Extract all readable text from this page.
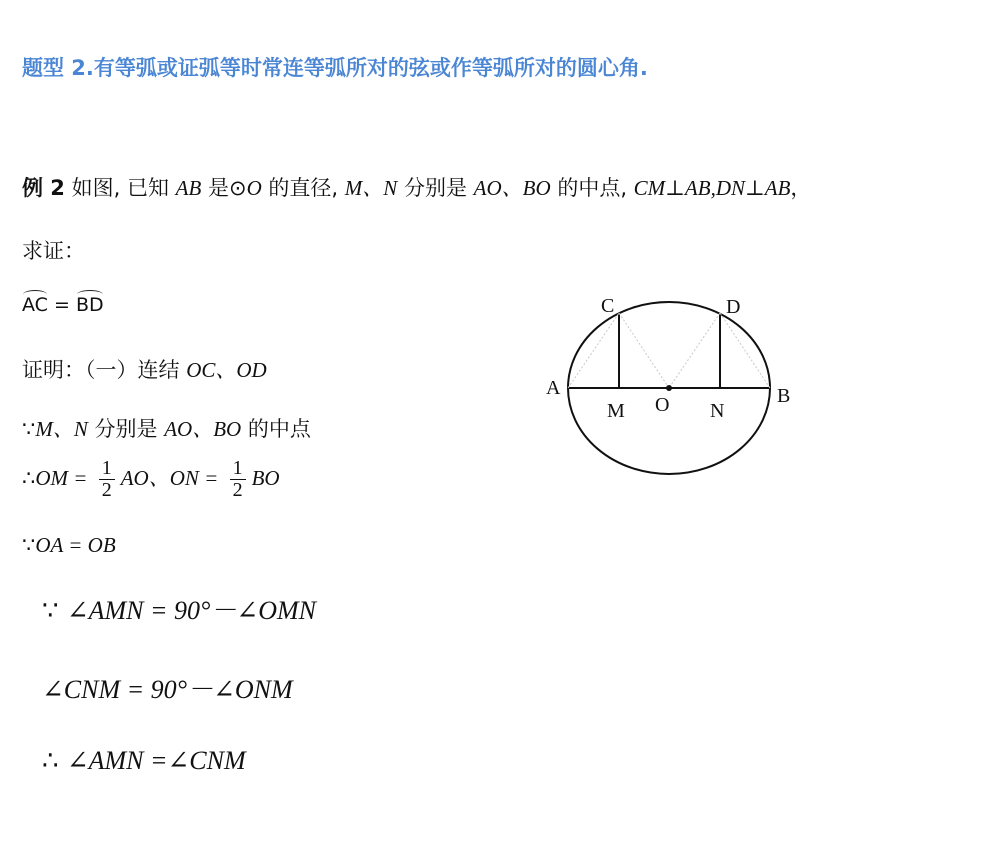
题型 2.有等弧或证弧等时常连等弧所对的弦或作等弧所对的圆心角.
例 2 如图, 已知 AB 是⊙O 的直径, M、N 分别是 AO、BO 的中点, CM⊥AB,DN⊥AB，
求证：
AC = BD
证明：（一）连结 OC、OD
∵M、N 分别是 AO、BO 的中点
∴OM = $\frac{1}{2}$ AO、ON = $\frac{1}{2}$ BO
∵OA = OB
∵ ∠AMN = 90°－∠OMN
∠CNM = 90°－∠ONM
∴ ∠AMN =∠CNM
A	B
C	D
M	N
O
